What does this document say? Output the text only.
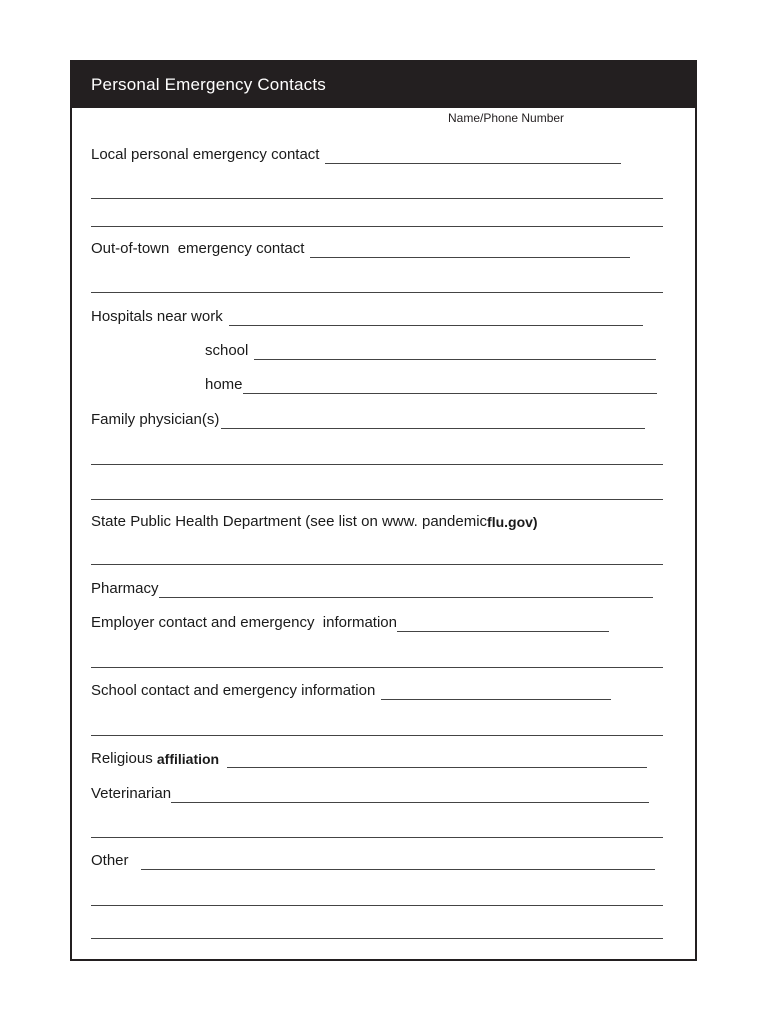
Personal Emergency Contacts
Name/Phone Number
Local personal emergency contact
Out-of-town  emergency contact
Hospitals near work
school
home
Family physician(s)
State Public Health Department (see list on www. pandemic flu.gov)
Pharmacy
Employer contact and emergency  information
School contact and emergency information
Religious affiliation
Veterinarian
Other
